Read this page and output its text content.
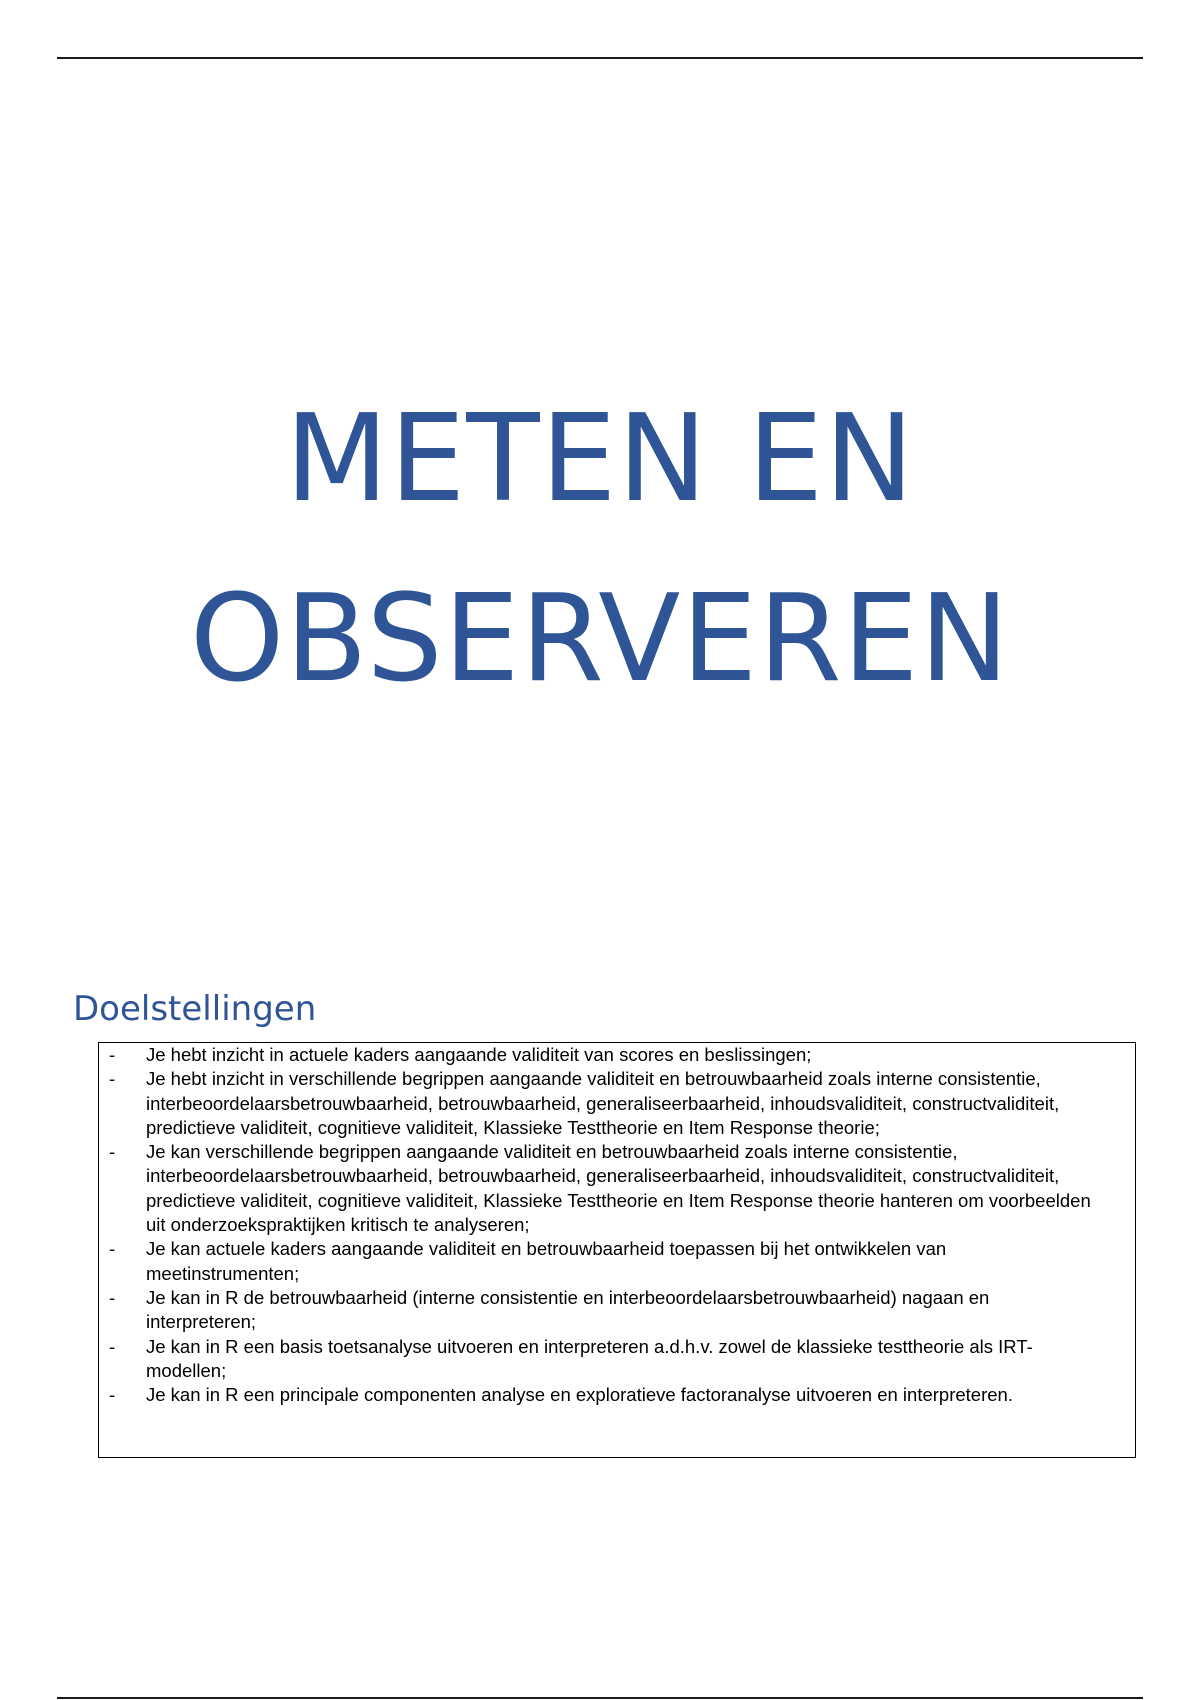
METEN EN
OBSERVEREN
Doelstellingen
- Je hebt inzicht in actuele kaders aangaande validiteit van scores en beslissingen;
- Je hebt inzicht in verschillende begrippen aangaande validiteit en betrouwbaarheid zoals interne consistentie, interbeoordelaarsbetrouwbaarheid, betrouwbaarheid, generaliseerbaarheid, inhoudsvaliditeit, constructvaliditeit, predictieve validiteit, cognitieve validiteit, Klassieke Testtheorie en Item Response theorie;
- Je kan verschillende begrippen aangaande validiteit en betrouwbaarheid zoals interne consistentie, interbeoordelaarsbetrouwbaarheid, betrouwbaarheid, generaliseerbaarheid, inhoudsvaliditeit, constructvaliditeit, predictieve validiteit, cognitieve validiteit, Klassieke Testtheorie en Item Response theorie hanteren om voorbeelden uit onderzoekspraktijken kritisch te analyseren;
- Je kan actuele kaders aangaande validiteit en betrouwbaarheid toepassen bij het ontwikkelen van meetinstrumenten;
- Je kan in R de betrouwbaarheid (interne consistentie en interbeoordelaarsbetrouwbaarheid) nagaan en interpreteren;
- Je kan in R een basis toetsanalyse uitvoeren en interpreteren a.d.h.v. zowel de klassieke testtheorie als IRT-modellen;
- Je kan in R een principale componenten analyse en exploratieve factoranalyse uitvoeren en interpreteren.
